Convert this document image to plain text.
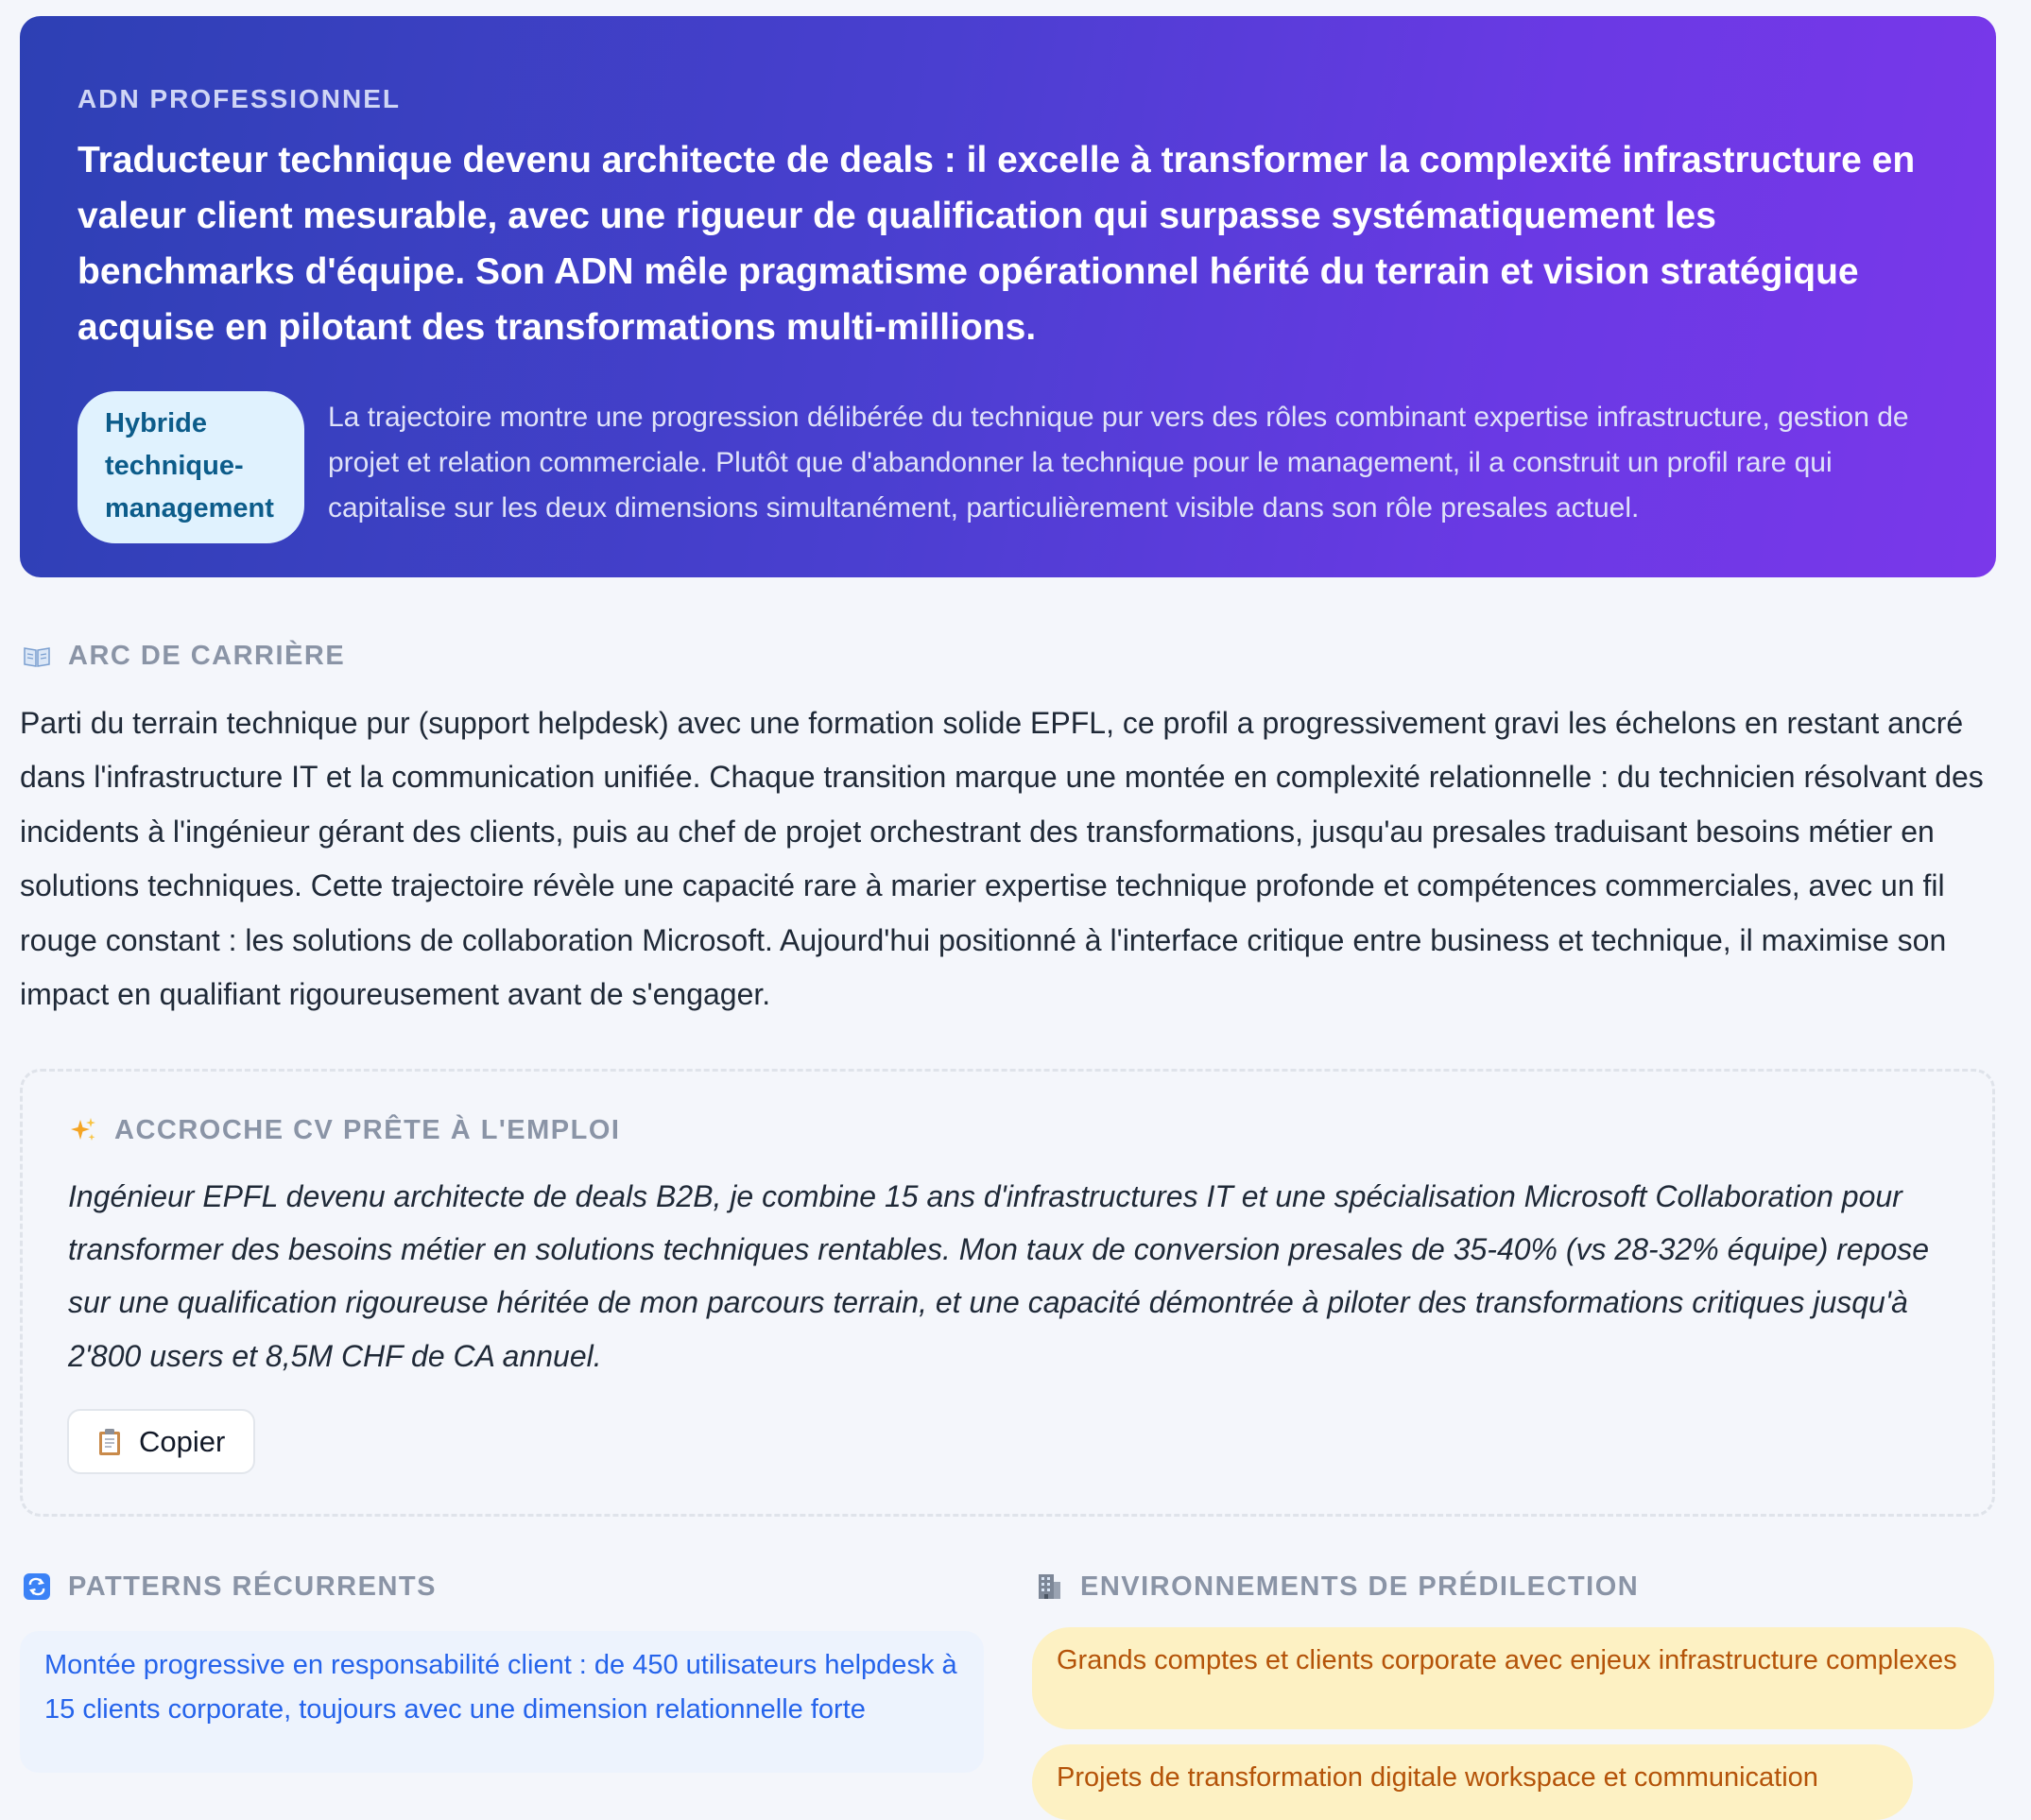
ADN PROFESSIONNEL
Traducteur technique devenu architecte de deals : il excelle à transformer la complexité infrastructure en valeur client mesurable, avec une rigueur de qualification qui surpasse systématiquement les benchmarks d'équipe. Son ADN mêle pragmatisme opérationnel hérité du terrain et vision stratégique acquise en pilotant des transformations multi-millions.
Hybride technique-management
La trajectoire montre une progression délibérée du technique pur vers des rôles combinant expertise infrastructure, gestion de projet et relation commerciale. Plutôt que d'abandonner la technique pour le management, il a construit un profil rare qui capitalise sur les deux dimensions simultanément, particulièrement visible dans son rôle presales actuel.
ARC DE CARRIÈRE
Parti du terrain technique pur (support helpdesk) avec une formation solide EPFL, ce profil a progressivement gravi les échelons en restant ancré dans l'infrastructure IT et la communication unifiée. Chaque transition marque une montée en complexité relationnelle : du technicien résolvant des incidents à l'ingénieur gérant des clients, puis au chef de projet orchestrant des transformations, jusqu'au presales traduisant besoins métier en solutions techniques. Cette trajectoire révèle une capacité rare à marier expertise technique profonde et compétences commerciales, avec un fil rouge constant : les solutions de collaboration Microsoft. Aujourd'hui positionné à l'interface critique entre business et technique, il maximise son impact en qualifiant rigoureusement avant de s'engager.
ACCROCHE CV PRÊTE À L'EMPLOI
Ingénieur EPFL devenu architecte de deals B2B, je combine 15 ans d'infrastructures IT et une spécialisation Microsoft Collaboration pour transformer des besoins métier en solutions techniques rentables. Mon taux de conversion presales de 35-40% (vs 28-32% équipe) repose sur une qualification rigoureuse héritée de mon parcours terrain, et une capacité démontrée à piloter des transformations critiques jusqu'à 2'800 users et 8,5M CHF de CA annuel.
Copier
PATTERNS RÉCURRENTS
Montée progressive en responsabilité client : de 450 utilisateurs helpdesk à 15 clients corporate, toujours avec une dimension relationnelle forte
ENVIRONNEMENTS DE PRÉDILECTION
Grands comptes et clients corporate avec enjeux infrastructure complexes
Projets de transformation digitale workspace et communication
